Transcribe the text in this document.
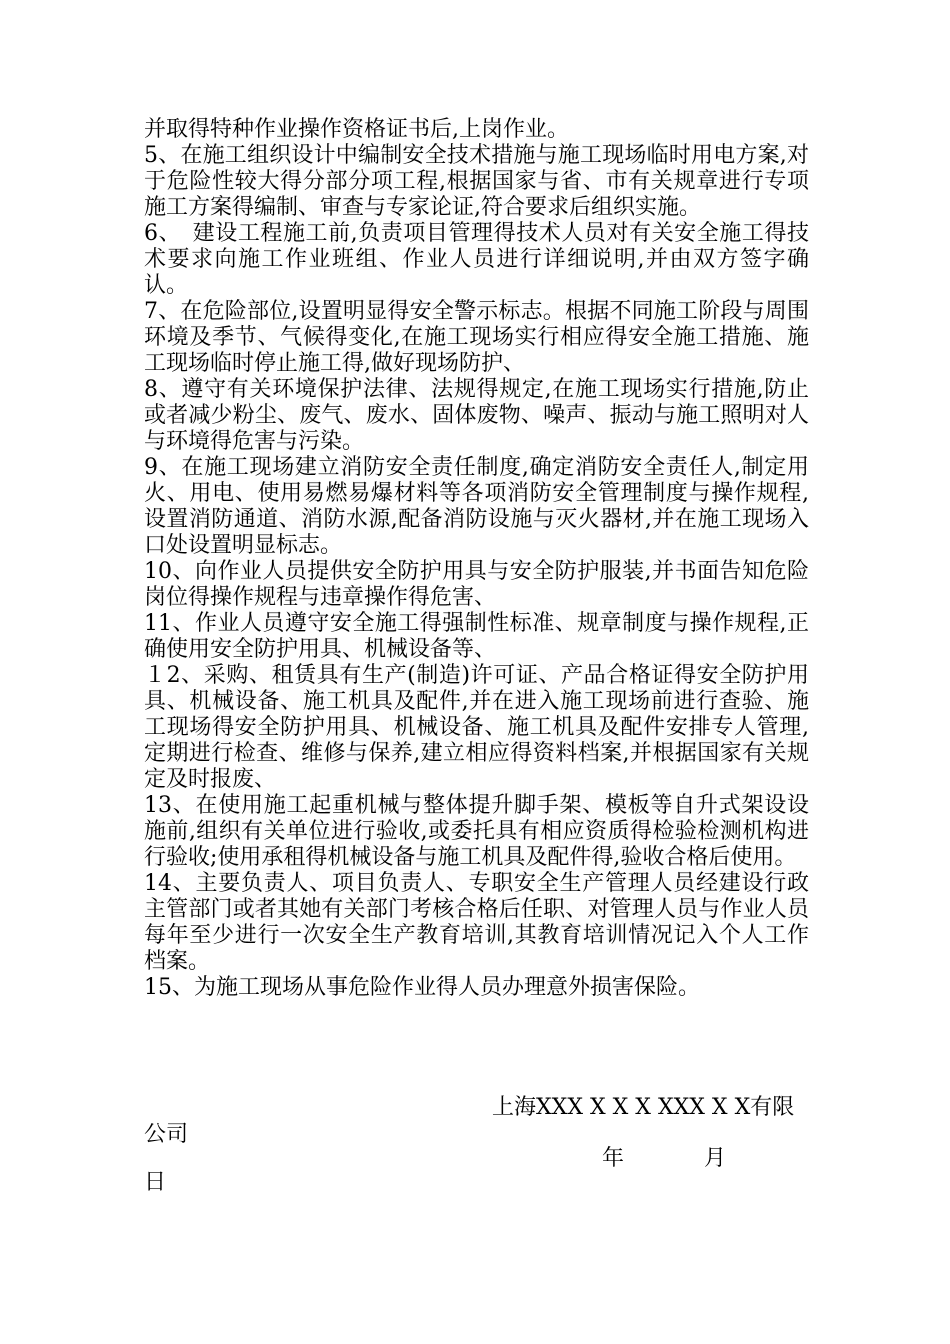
并取得特种作业操作资格证书后,上岗作业。

5、在施工组织设计中编制安全技术措施与施工现场临时用电方案,对于危险性较大得分部分项工程,根据国家与省、市有关规章进行专项施工方案得编制、审查与专家论证,符合要求后组织实施。

6、　建设工程施工前,负责项目管理得技术人员对有关安全施工得技术要求向施工作业班组、作业人员进行详细说明,并由双方签字确认。

7、在危险部位,设置明显得安全警示标志。根据不同施工阶段与周围环境及季节、气候得变化,在施工现场实行相应得安全施工措施、施工现场临时停止施工得,做好现场防护、

8、遵守有关环境保护法律、法规得规定,在施工现场实行措施,防止或者减少粉尘、废气、废水、固体废物、噪声、振动与施工照明对人与环境得危害与污染。

9、在施工现场建立消防安全责任制度,确定消防安全责任人,制定用火、用电、使用易燃易爆材料等各项消防安全管理制度与操作规程,设置消防通道、消防水源,配备消防设施与灭火器材,并在施工现场入口处设置明显标志。

10、向作业人员提供安全防护用具与安全防护服装,并书面告知危险岗位得操作规程与违章操作得危害、

11、作业人员遵守安全施工得强制性标准、规章制度与操作规程,正确使用安全防护用具、机械设备等、

１2、采购、租赁具有生产(制造)许可证、产品合格证得安全防护用具、机械设备、施工机具及配件,并在进入施工现场前进行查验、施工现场得安全防护用具、机械设备、施工机具及配件安排专人管理,定期进行检查、维修与保养,建立相应得资料档案,并根据国家有关规定及时报废、

13、在使用施工起重机械与整体提升脚手架、模板等自升式架设设施前,组织有关单位进行验收,或委托具有相应资质得检验检测机构进行验收;使用承租得机械设备与施工机具及配件得,验收合格后使用。

14、主要负责人、项目负责人、专职安全生产管理人员经建设行政主管部门或者其她有关部门考核合格后任职、对管理人员与作业人员每年至少进行一次安全生产教育培训,其教育培训情况记入个人工作档案。

15、为施工现场从事危险作业得人员办理意外损害保险。

上海XXX X X X XXX X X有限
公司
年	月
日
